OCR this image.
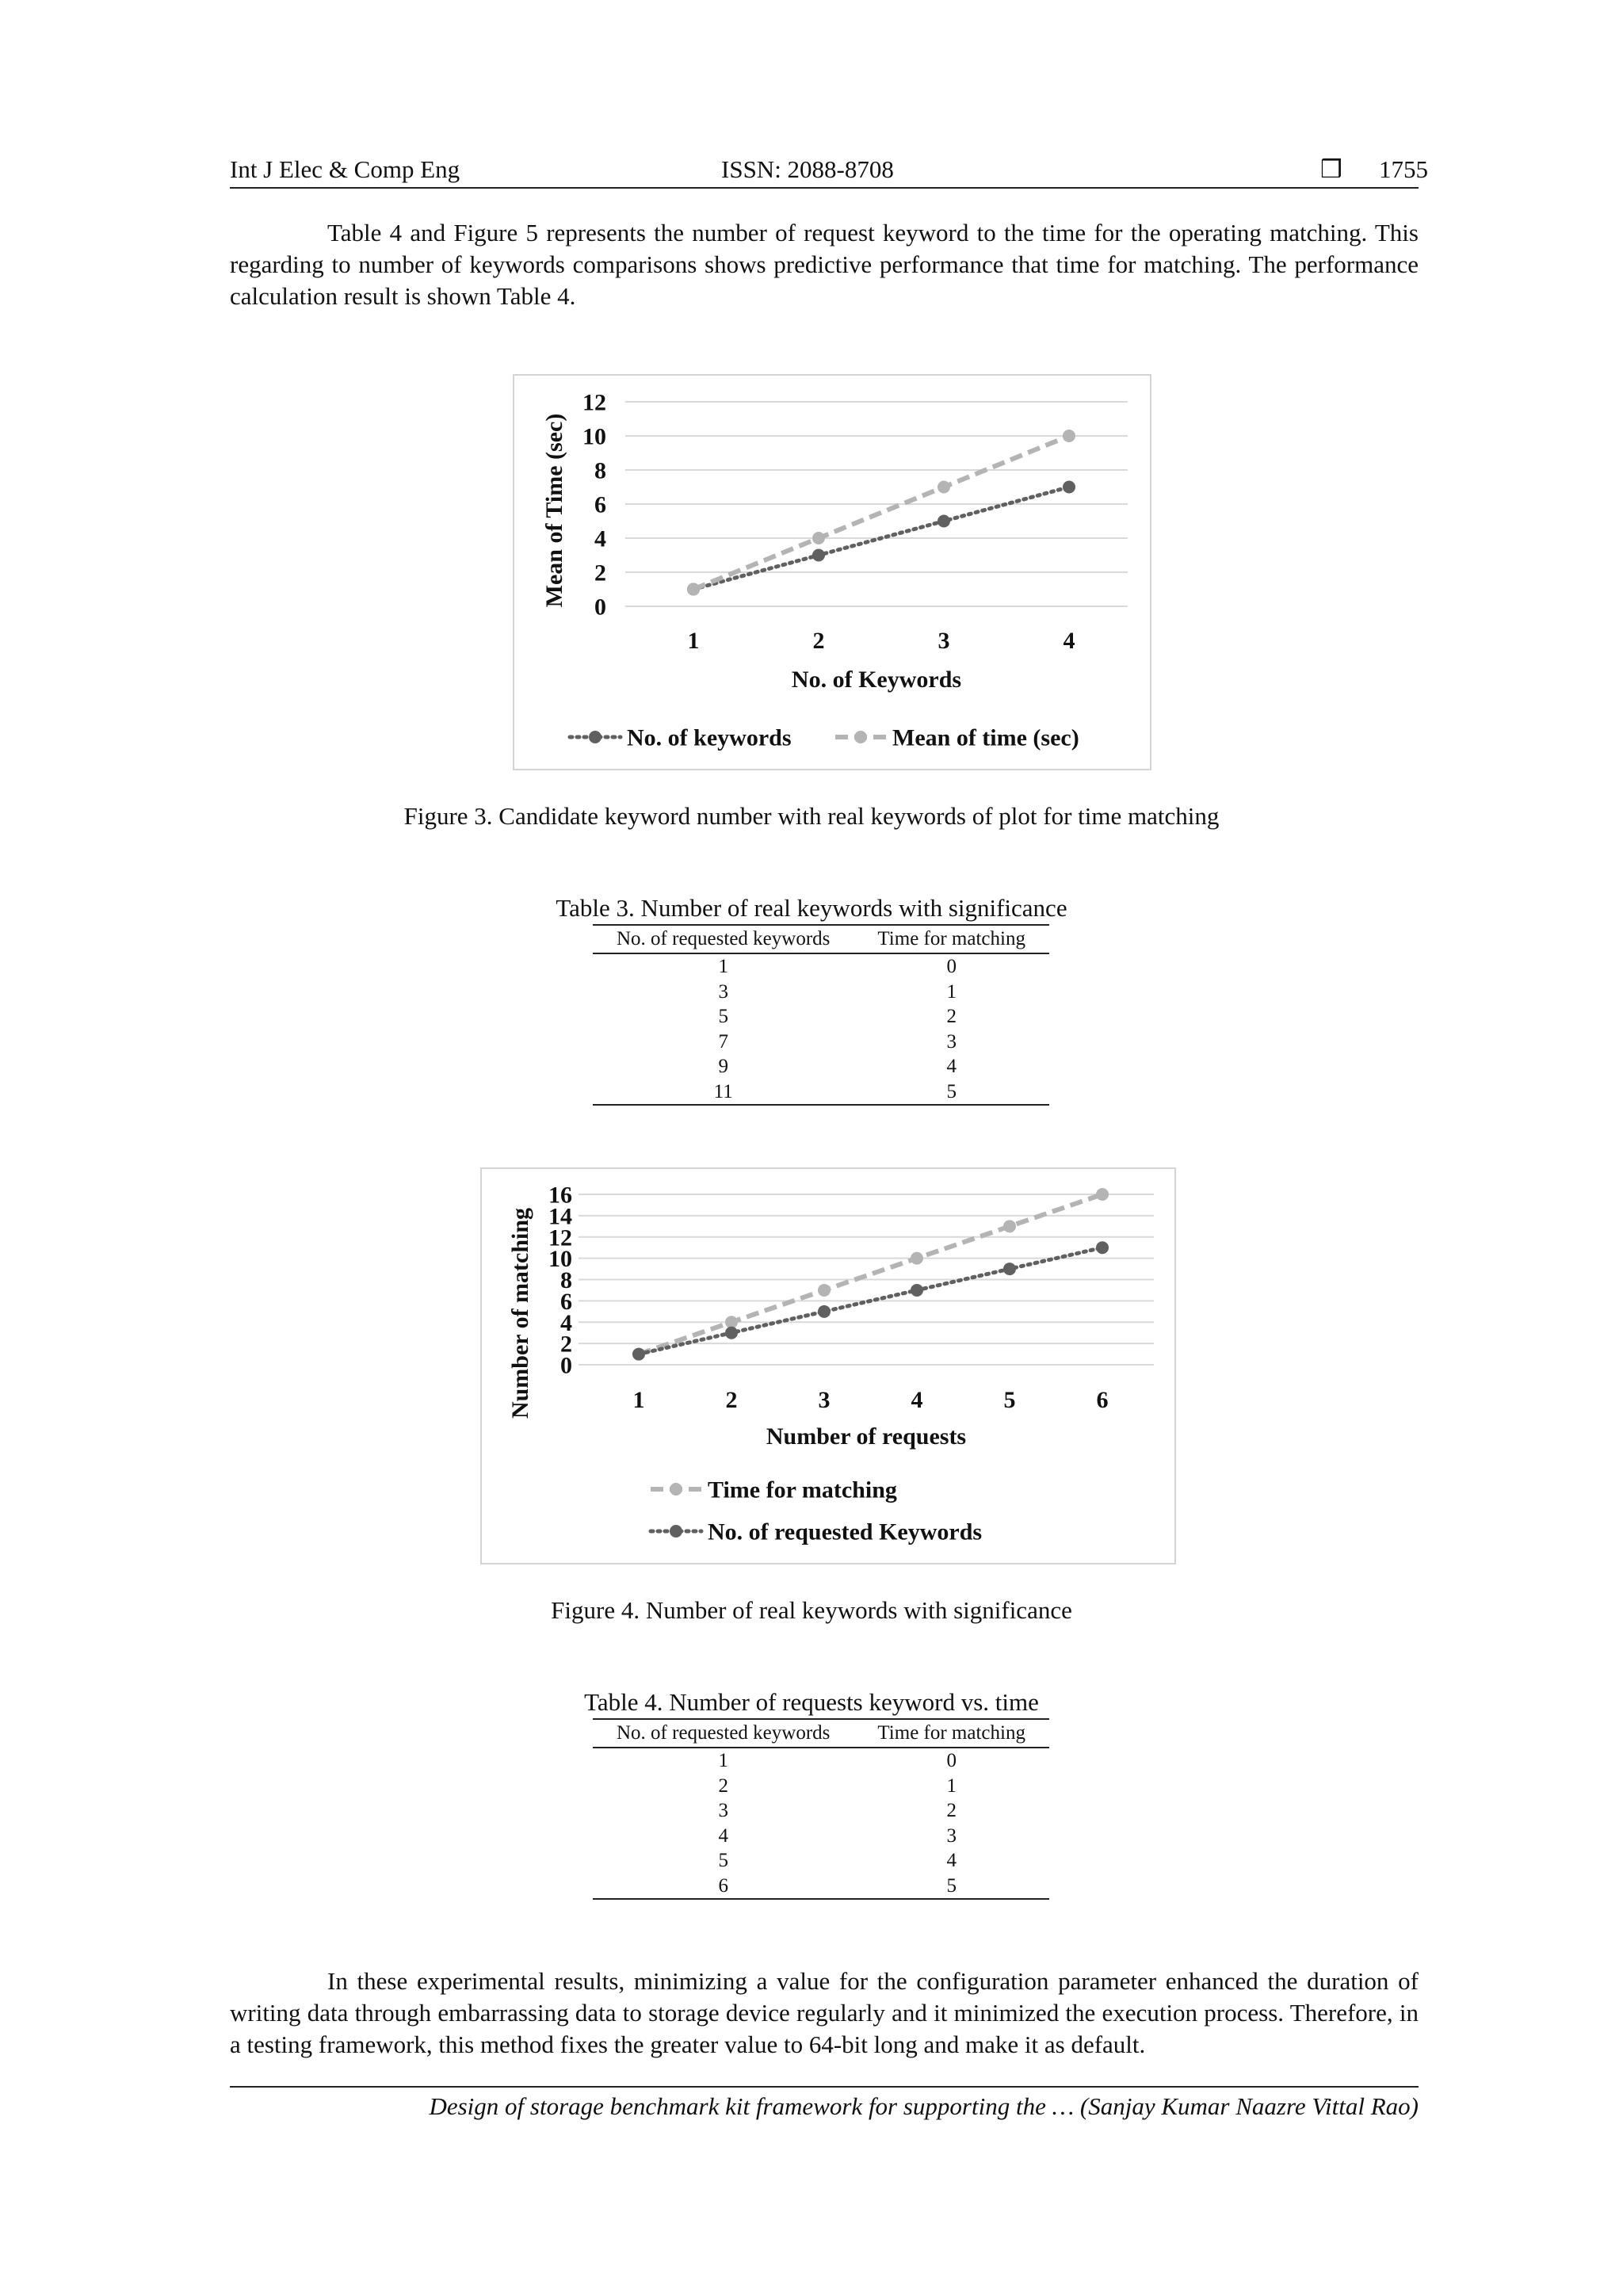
Int J Elec & Comp Eng	ISSN: 2088-8708	❒ 1755

Table 4 and Figure 5 represents the number of request keyword to the time for the operating matching. This regarding to number of keywords comparisons shows predictive performance that time for matching. The performance calculation result is shown Table 4.

0
2
4
6
8
10
12
1	2	3	4
No. of Keywords
Mean of Time (sec)
No. of keywords	Mean of time (sec)
Figure 3. Candidate keyword number with real keywords of plot for time matching
Table 3. Number of real keywords with significance
No. of requested keywords	Time for matching
1	0
3	1
5	2
7	3
9	4
11	5
0
2
4
6
8
10
12
14
16
1	2	3	4	5	6
Number of requests
Number of matching
Time for matching
No. of requested Keywords
Figure 4. Number of real keywords with significance
Table 4. Number of requests keyword vs. time
No. of requested keywords	Time for matching
1	0
2	1
3	2
4	3
5	4
6	5

In these experimental results, minimizing a value for the configuration parameter enhanced the duration of writing data through embarrassing data to storage device regularly and it minimized the execution process. Therefore, in a testing framework, this method fixes the greater value to 64-bit long and make it as default.

Design of storage benchmark kit framework for supporting the … (Sanjay Kumar Naazre Vittal Rao)
